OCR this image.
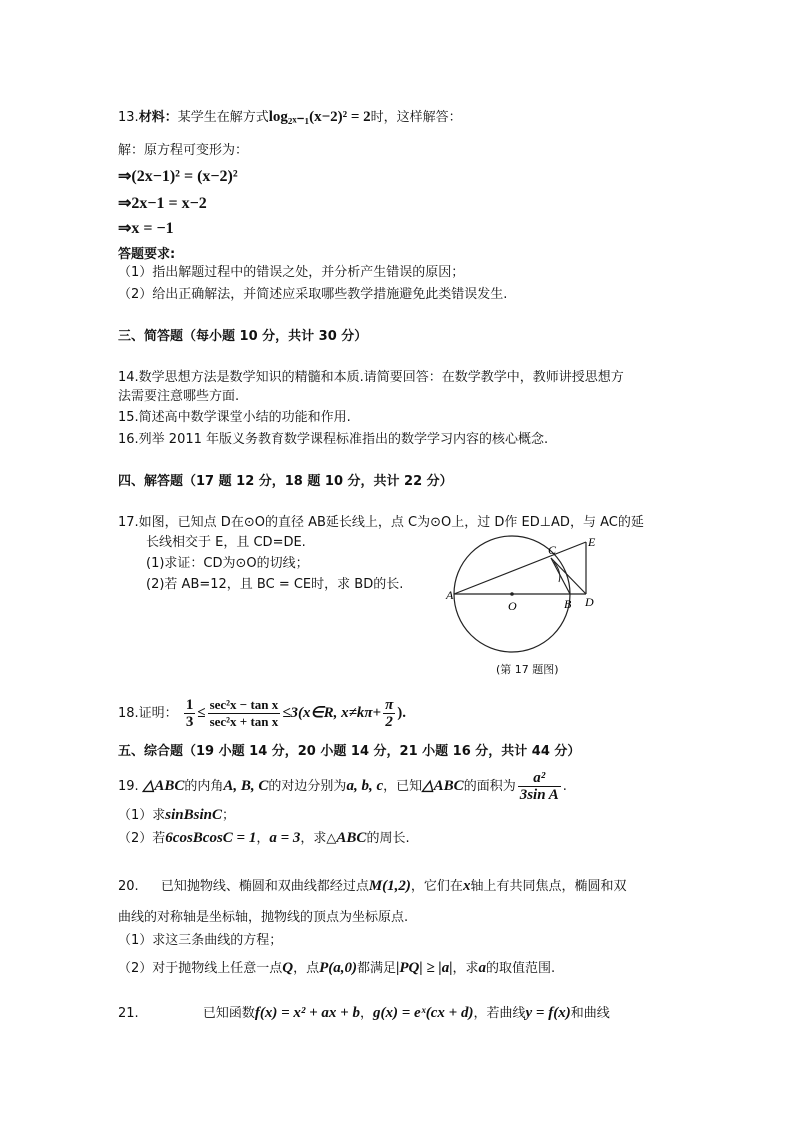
13.材料：某学生在解方式log₂ₓ₋₁(x−2)² = 2时，这样解答：
解：原方程可变形为：
⇒(2x−1)² = (x−2)²
⇒2x−1 = x−2
⇒x = −1
答题要求:
（1）指出解题过程中的错误之处，并分析产生错误的原因；
（2）给出正确解法，并简述应采取哪些教学措施避免此类错误发生.
三、简答题（每小题 10 分，共计 30 分）
14.数学思想方法是数学知识的精髓和本质.请简要回答：在数学教学中，教师讲授思想方
法需要注意哪些方面.
15.简述高中数学课堂小结的功能和作用.
16.列举 2011 年版义务教育数学课程标准指出的数学学习内容的核心概念.
四、解答题（17 题 12 分，18 题 10 分，共计 22 分）
17.如图，已知点 D在⊙O的直径 AB延长线上，点 C为⊙O上，过 D作 ED⊥AD，与 AC的延
长线相交于 E，且 CD=DE.
(1)求证：CD为⊙O的切线；
(2)若 AB=12，且 BC = CE时，求 BD的长.
A
C
E
B D
O
(第 17 题图)
18.证明： $\frac{1}{3} \le \frac{\text{sec²x − tan x}}{\text{sec²x + tan x}}$ ≤3(x∈R, $x\ne k\pi+ \frac{\pi}{2}$ ).
五、综合题（19 小题 14 分，20 小题 14 分，21 小题 16 分，共计 44 分）
19. △ABC的内角A, B, C的对边分别为a, b, c，已知△ABC的面积为 $\frac{\text{a²}}{\text{3sin A}}$ .
（1）求sinBsinC；
（2）若6cosBcosC = 1，a = 3，求△ABC的周长.
20. 已知抛物线、椭圆和双曲线都经过点M(1,2)，它们在x轴上有共同焦点，椭圆和双
曲线的对称轴是坐标轴，抛物线的顶点为坐标原点.
（1）求这三条曲线的方程；
（2）对于抛物线上任意一点Q，点P(a,0)都满足|PQ| ≥ |a|，求a的取值范围.
21.	已知函数f(x) = x² + ax + b，g(x) = eˣ(cx + d)，若曲线y = f(x)和曲线
